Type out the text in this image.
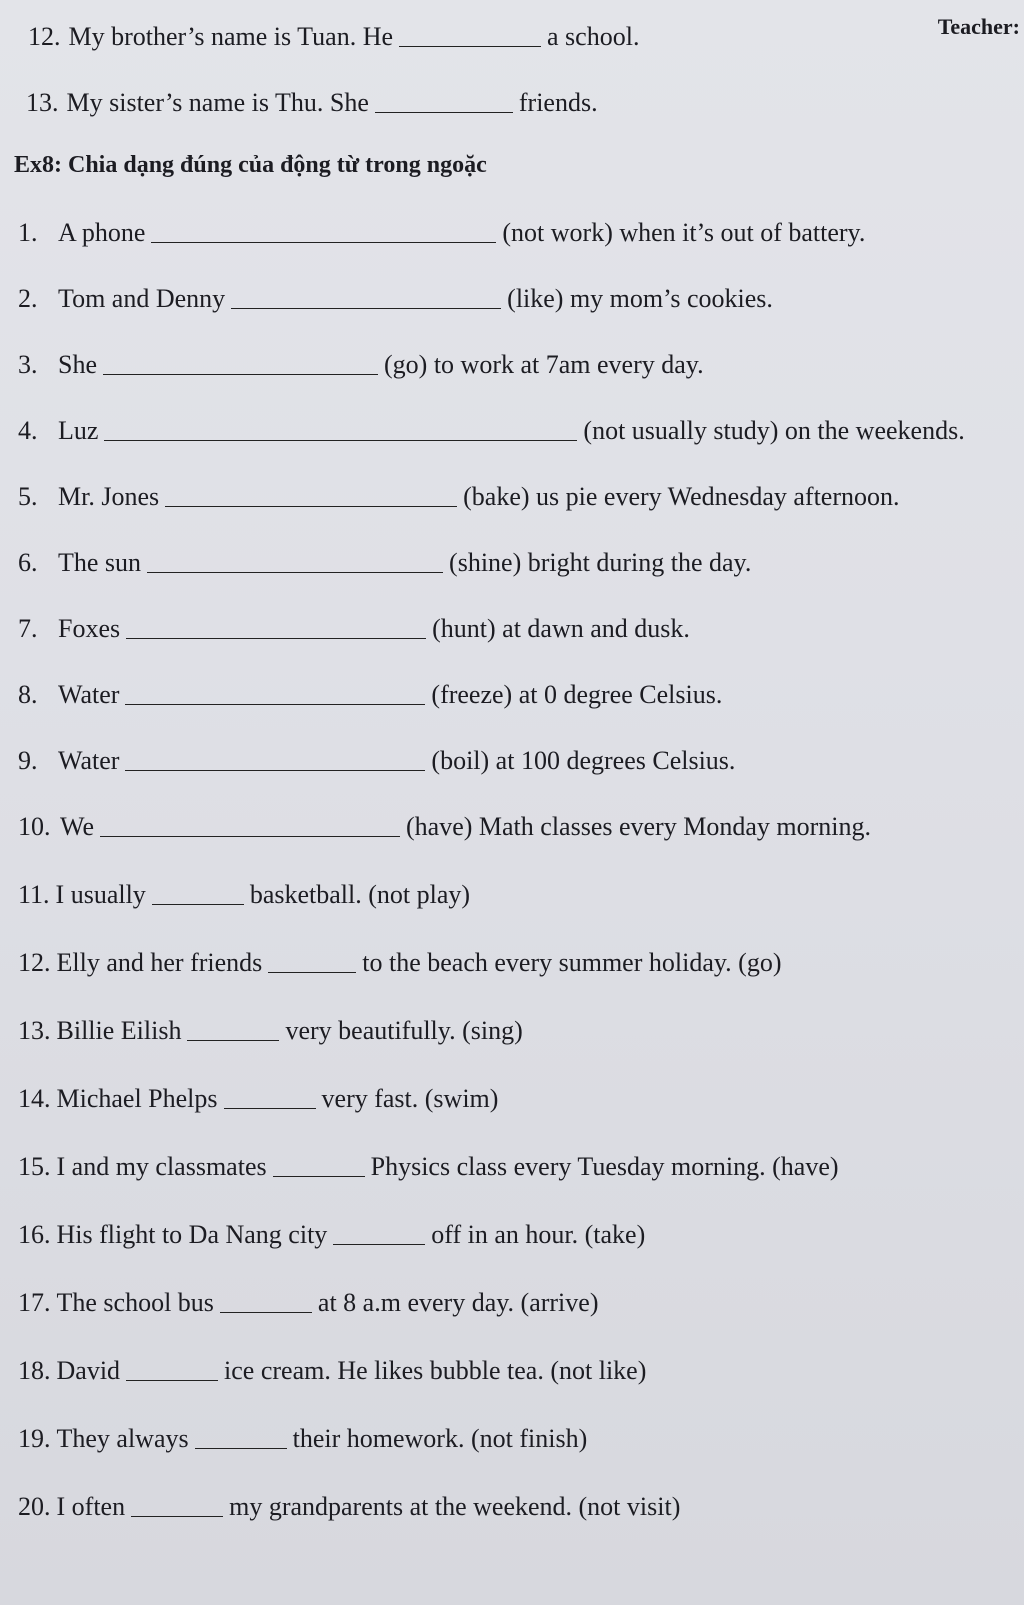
Teacher:
12. My brother’s name is Tuan. He	a school.
13. My sister’s name is Thu. She	friends.
Ex8: Chia dạng đúng của động từ trong ngoặc
1. A phone	(not work) when it’s out of battery.
2. Tom and Denny	(like) my mom’s cookies.
3. She	(go) to work at 7am every day.
4. Luz	(not usually study) on the weekends.
5. Mr. Jones	(bake) us pie every Wednesday afternoon.
6. The sun	(shine) bright during the day.
7. Foxes	(hunt) at dawn and dusk.
8. Water	(freeze) at 0 degree Celsius.
9. Water	(boil) at 100 degrees Celsius.
10. We	(have) Math classes every Monday morning.
11. I usually	basketball. (not play)
12. Elly and her friends	to the beach every summer holiday. (go)
13. Billie Eilish	very beautifully. (sing)
14. Michael Phelps	very fast. (swim)
15. I and my classmates	Physics class every Tuesday morning. (have)
16. His flight to Da Nang city	off in an hour. (take)
17. The school bus	at 8 a.m every day. (arrive)
18. David	ice cream. He likes bubble tea. (not like)
19. They always	their homework. (not finish)
20. I often	my grandparents at the weekend. (not visit)
